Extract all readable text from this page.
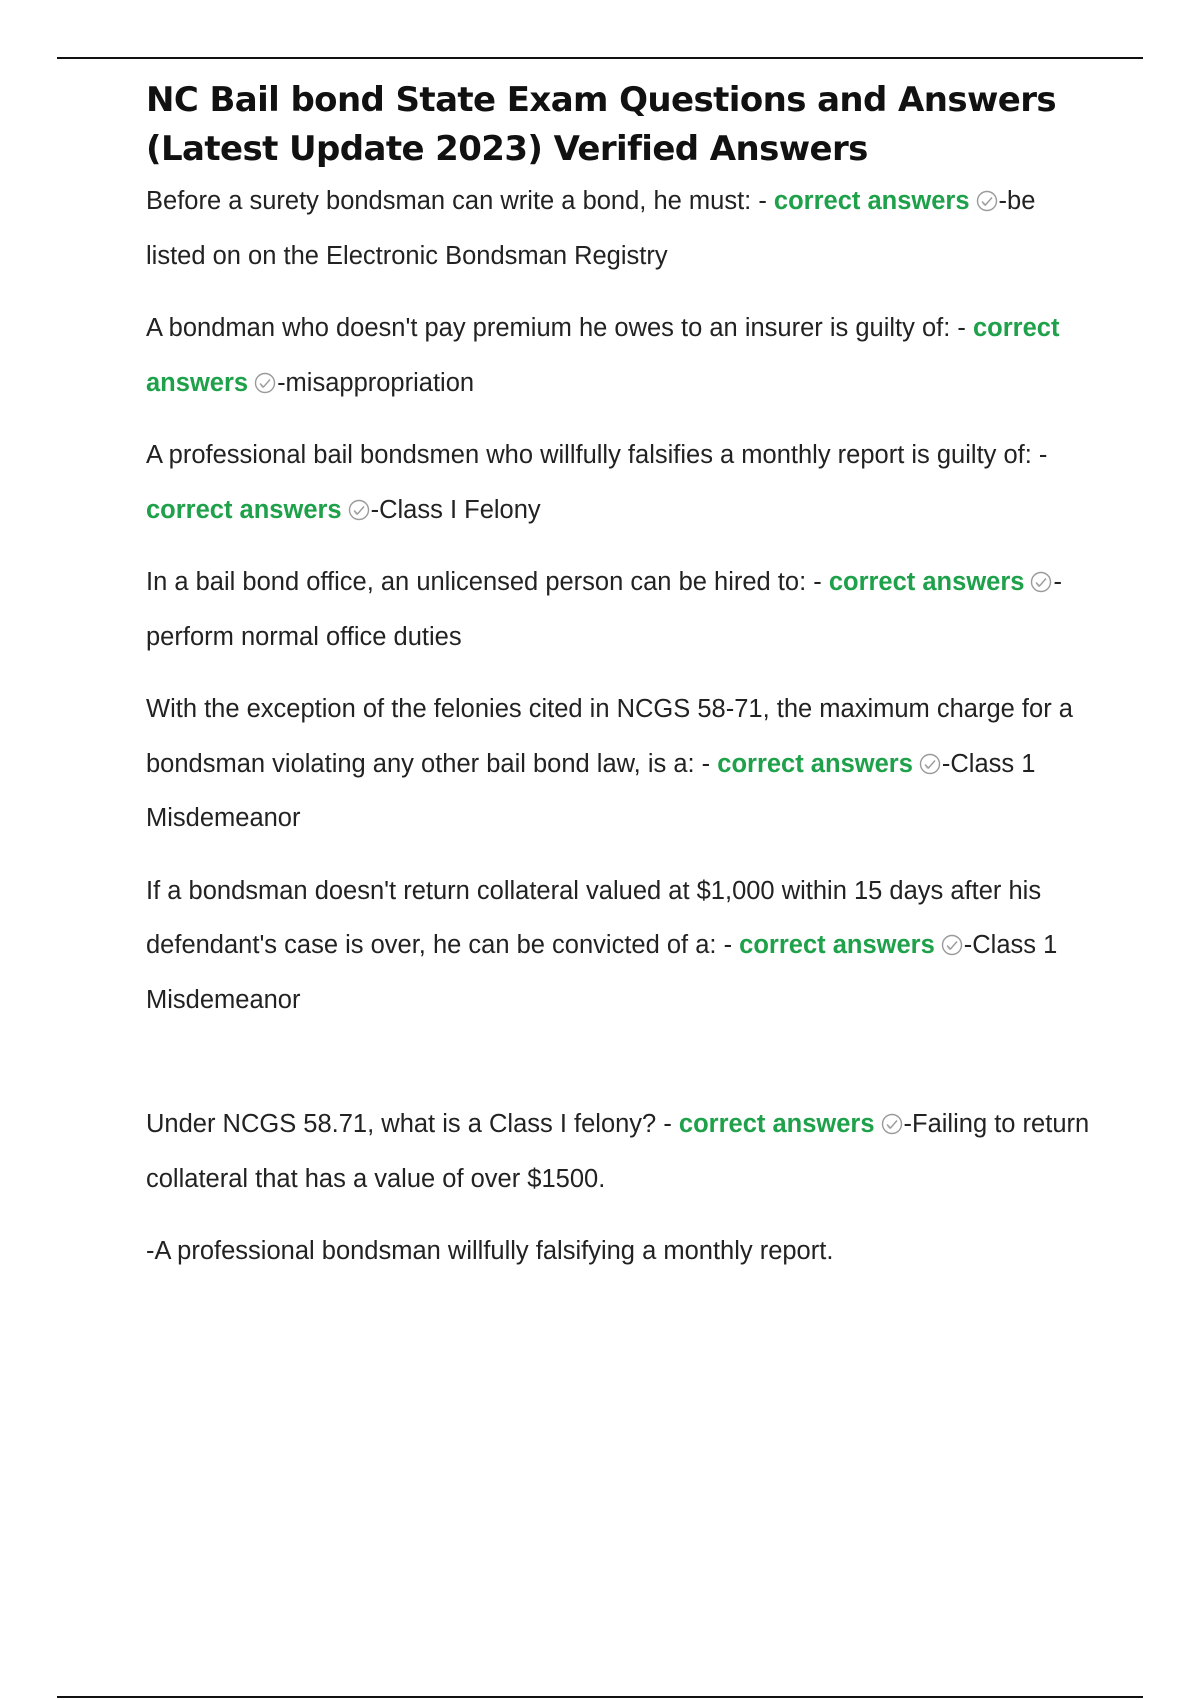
NC Bail bond State Exam Questions and Answers (Latest Update 2023) Verified Answers

Before a surety bondsman can write a bond, he must: - correct answers -be listed on on the Electronic Bondsman Registry

A bondman who doesn't pay premium he owes to an insurer is guilty of: - correct answers -misappropriation

A professional bail bondsmen who willfully falsifies a monthly report is guilty of: - correct answers -Class I Felony

In a bail bond office, an unlicensed person can be hired to: - correct answers -perform normal office duties

With the exception of the felonies cited in NCGS 58-71, the maximum charge for a bondsman violating any other bail bond law, is a: - correct answers -Class 1 Misdemeanor

If a bondsman doesn't return collateral valued at $1,000 within 15 days after his defendant's case is over, he can be convicted of a: - correct answers -Class 1 Misdemeanor

Under NCGS 58.71, what is a Class I felony? - correct answers -Failing to return collateral that has a value of over $1500.

-A professional bondsman willfully falsifying a monthly report.
